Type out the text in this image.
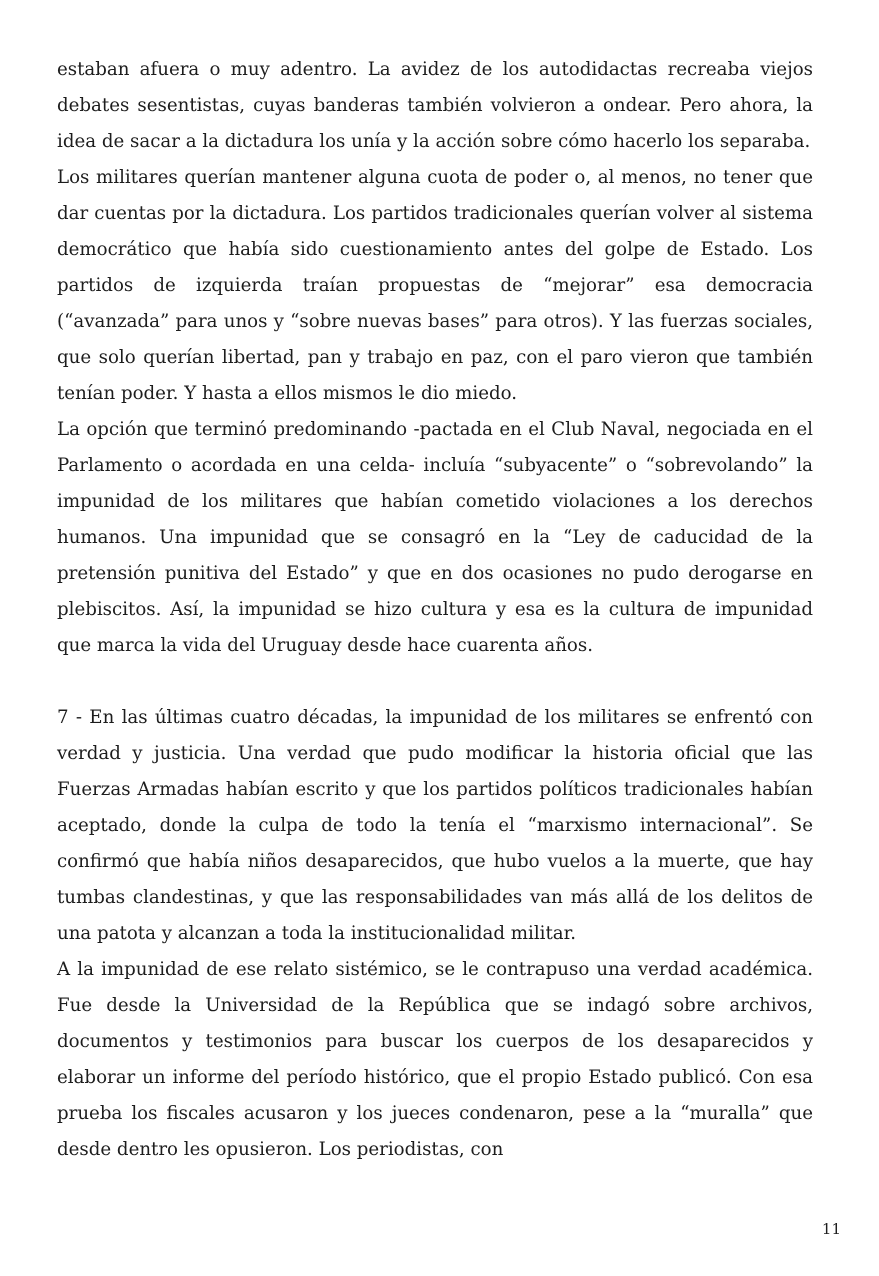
estaban afuera o muy adentro. La avidez de los autodidactas recreaba viejos debates sesentistas, cuyas banderas también volvieron a ondear. Pero ahora, la idea de sacar a la dictadura los unía y la acción sobre cómo hacerlo los separaba.

Los militares querían mantener alguna cuota de poder o, al menos, no tener que dar cuentas por la dictadura. Los partidos tradicionales querían volver al sistema democrático que había sido cuestionamiento antes del golpe de Estado. Los partidos de izquierda traían propuestas de “mejorar” esa democracia (“avanzada” para unos y “sobre nuevas bases” para otros). Y las fuerzas sociales, que solo querían libertad, pan y trabajo en paz, con el paro vieron que también tenían poder. Y hasta a ellos mismos le dio miedo.

La opción que terminó predominando -pactada en el Club Naval, negociada en el Parlamento o acordada en una celda- incluía “subyacente” o “sobrevolando” la impunidad de los militares que habían cometido violaciones a los derechos humanos. Una impunidad que se consagró en la “Ley de caducidad de la pretensión punitiva del Estado” y que en dos ocasiones no pudo derogarse en plebiscitos. Así, la impunidad se hizo cultura y esa es la cultura de impunidad que marca la vida del Uruguay desde hace cuarenta años.

7 - En las últimas cuatro décadas, la impunidad de los militares se enfrentó con verdad y justicia. Una verdad que pudo modificar la historia oficial que las Fuerzas Armadas habían escrito y que los partidos políticos tradicionales habían aceptado, donde la culpa de todo la tenía el “marxismo internacional”. Se confirmó que había niños desaparecidos, que hubo vuelos a la muerte, que hay tumbas clandestinas, y que las responsabilidades van más allá de los delitos de una patota y alcanzan a toda la institucionalidad militar.

A la impunidad de ese relato sistémico, se le contrapuso una verdad académica. Fue desde la Universidad de la República que se indagó sobre archivos, documentos y testimonios para buscar los cuerpos de los desaparecidos y elaborar un informe del período histórico, que el propio Estado publicó. Con esa prueba los fiscales acusaron y los jueces condenaron, pese a la “muralla” que desde dentro les opusieron. Los periodistas, con

11
